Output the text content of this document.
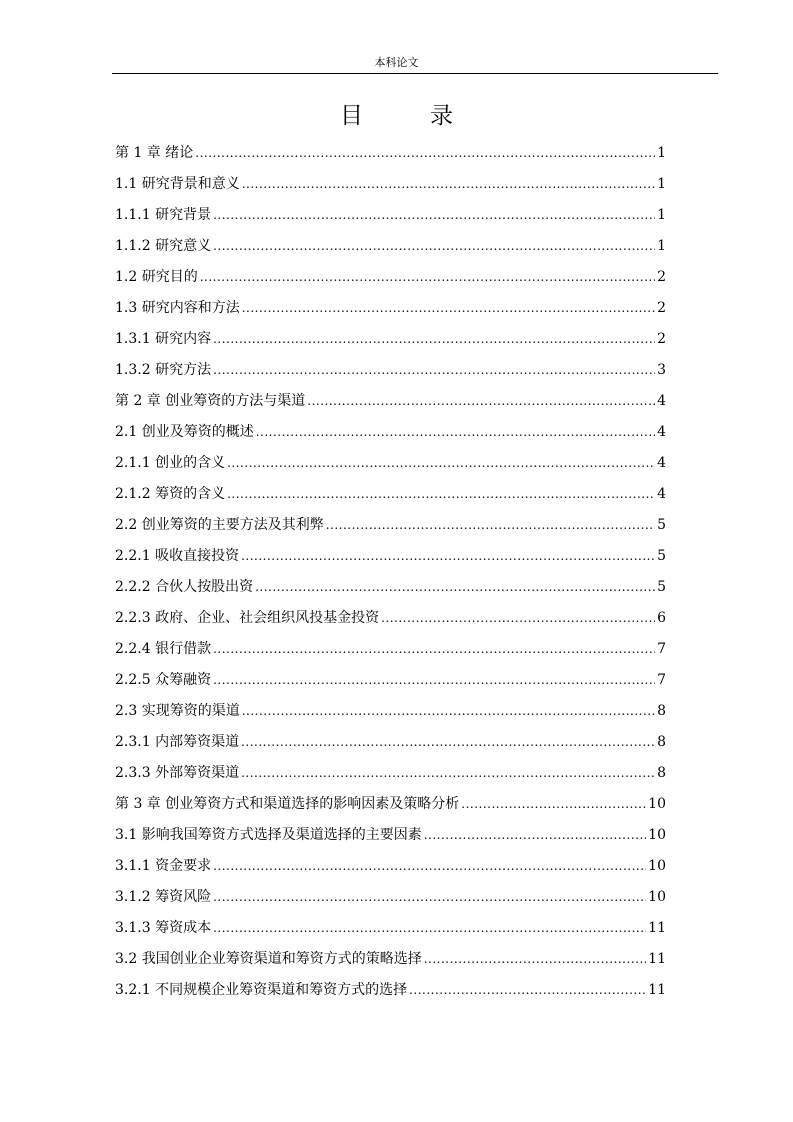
本科论文
目　录
第 1 章 绪论 .....	1
1.1 研究背景和意义 .....	1
1.1.1 研究背景 .....	1
1.1.2 研究意义 .....	1
1.2 研究目的 .....	2
1.3 研究内容和方法 .....	2
1.3.1 研究内容 .....	2
1.3.2 研究方法 .....	3
第 2 章 创业筹资的方法与渠道 .....	4
2.1 创业及筹资的概述 .....	4
2.1.1 创业的含义 .....	4
2.1.2 筹资的含义 .....	4
2.2 创业筹资的主要方法及其利弊 .....	5
2.2.1 吸收直接投资 .....	5
2.2.2 合伙人按股出资 .....	5
2.2.3 政府、企业、社会组织风投基金投资 .....	6
2.2.4 银行借款 .....	7
2.2.5 众筹融资 .....	7
2.3 实现筹资的渠道 .....	8
2.3.1 内部筹资渠道 .....	8
2.3.3 外部筹资渠道 .....	8
第 3 章 创业筹资方式和渠道选择的影响因素及策略分析 .....	10
3.1 影响我国筹资方式选择及渠道选择的主要因素 .....	10
3.1.1 资金要求 .....	10
3.1.2 筹资风险 .....	10
3.1.3 筹资成本 .....	11
3.2 我国创业企业筹资渠道和筹资方式的策略选择 .....	11
3.2.1 不同规模企业筹资渠道和筹资方式的选择 .....	11
